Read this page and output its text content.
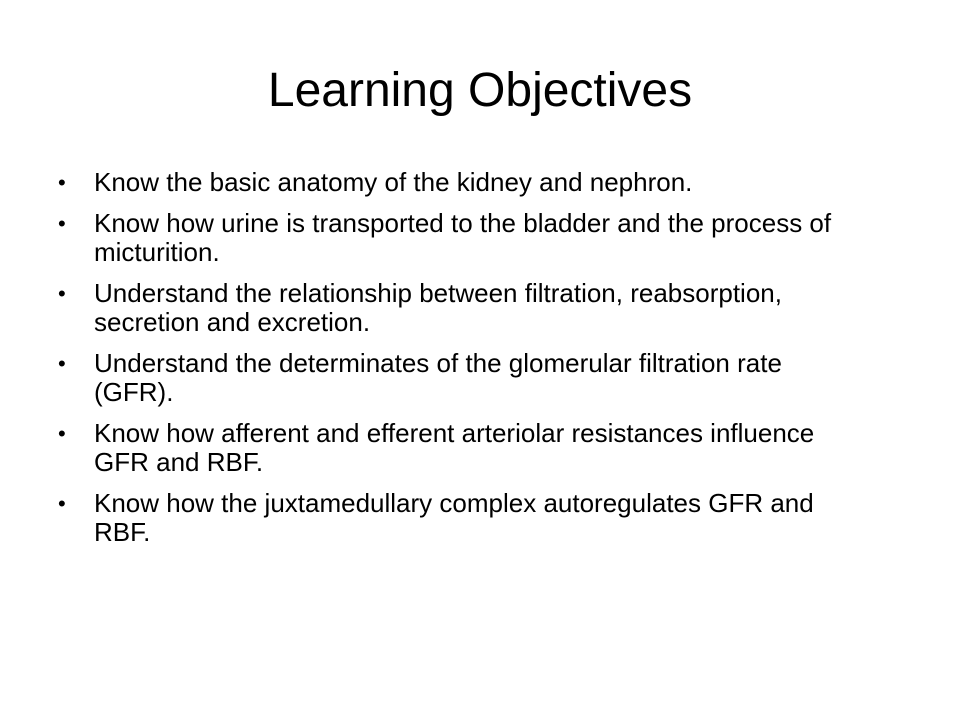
Learning Objectives
•	Know the basic anatomy of the kidney and nephron.
•	Know how urine is transported to the bladder and the process of micturition.
•	Understand the relationship between filtration, reabsorption, secretion and excretion.
•	Understand the determinates of the glomerular filtration rate (GFR).
•	Know how afferent and efferent arteriolar resistances influence GFR and RBF.
•	Know how the juxtamedullary complex autoregulates GFR and RBF.
